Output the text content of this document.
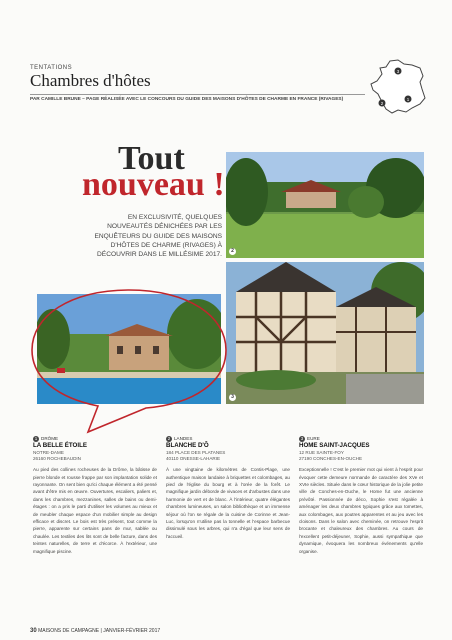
TENTATIONS
Chambres d'hôtes
PAR CAMILLE BRUNE – PAGE RÉALISÉE AVEC LE CONCOURS DU GUIDE DES MAISONS D'HÔTES DE CHARME EN FRANCE (RIVAGES)
3
2
1
Tout
nouveau !
EN EXCLUSIVITÉ, QUELQUES NOUVEAUTÉS DÉNICHÉES PAR LES ENQUÊTEURS DU GUIDE DES MAISONS D'HÔTES DE CHARME (RIVAGES) À DÉCOUVRIR DANS LE MILLÉSIME 2017.
2
3
1 DRÔME
LA BELLE ÉTOILE
NOTRE-DAME
26160 ROCHEBAUDIN
Au pied des collines rocheuses de la Drôme, la bâtisse de pierre blonde et rousse frappe par son implantation solide et rayonnante. On sent bien qu'ici chaque élément a été pensé avant d'être mis en œuvre. Ouvertures, escaliers, paliers et, dans les chambres, mezzanines, salles de bains ou demi-étages : on a pris le parti d'utiliser les volumes au mieux et de meubler chaque espace d'un mobilier simple au design efficace et discret. Le bois est très présent, tout comme la pierre, apparente sur certains pans de mur, sablée ou chaulée. Les textiles des lits sont de belle facture, dans des teintes naturelles, de terre et d'écorce. À l'extérieur, une magnifique piscine.
2 LANDES
BLANCHE D'Ô
184 PLACE DES PLATANES
40110 ONESSE-LAHARIE
À une vingtaine de kilomètres de Contis-Plage, une authentique maison landaise à briquettes et colombages, au pied de l'église du bourg et à l'orée de la forêt. Le magnifique jardin déborde de vivaces et d'arbustes dans une harmonie de vert et de blanc. À l'intérieur, quatre élégantes chambres lumineuses, un salon bibliothèque et un immense séjour où l'on se régale de la cuisine de Corinne et Jean-Luc, lorsqu'on n'utilise pas la tonnelle et l'espace barbecue dissimulé sous les arbres, qui n'a d'égal que leur sens de l'accueil.
3 EURE
HOME SAINT-JACQUES
12 RUE SAINTE-FOY
27190 CONCHES-EN-OUCHE
Exceptionnelle ! C'est le premier mot qui vient à l'esprit pour évoquer cette demeure normande de caractère des XVe et XVIe siècles. Située dans le cœur historique de la jolie petite ville de Conches-en-Ouche, le Home fut une ancienne prévôté. Passionnée de déco, Sophie s'est régalée à aménager les deux chambres typiques grâce aux tomettes, aux colombages, aux poutres apparentes et au jeu avec les cloisons. Dans le salon avec cheminée, on retrouve l'esprit brocante et chaleureux des chambres. Au cours de l'excellent petit-déjeuner, Sophie, aussi sympathique que dynamique, évoquera les nombreux événements qu'elle organise.
30 MAISONS DE CAMPAGNE | JANVIER-FÉVRIER 2017
